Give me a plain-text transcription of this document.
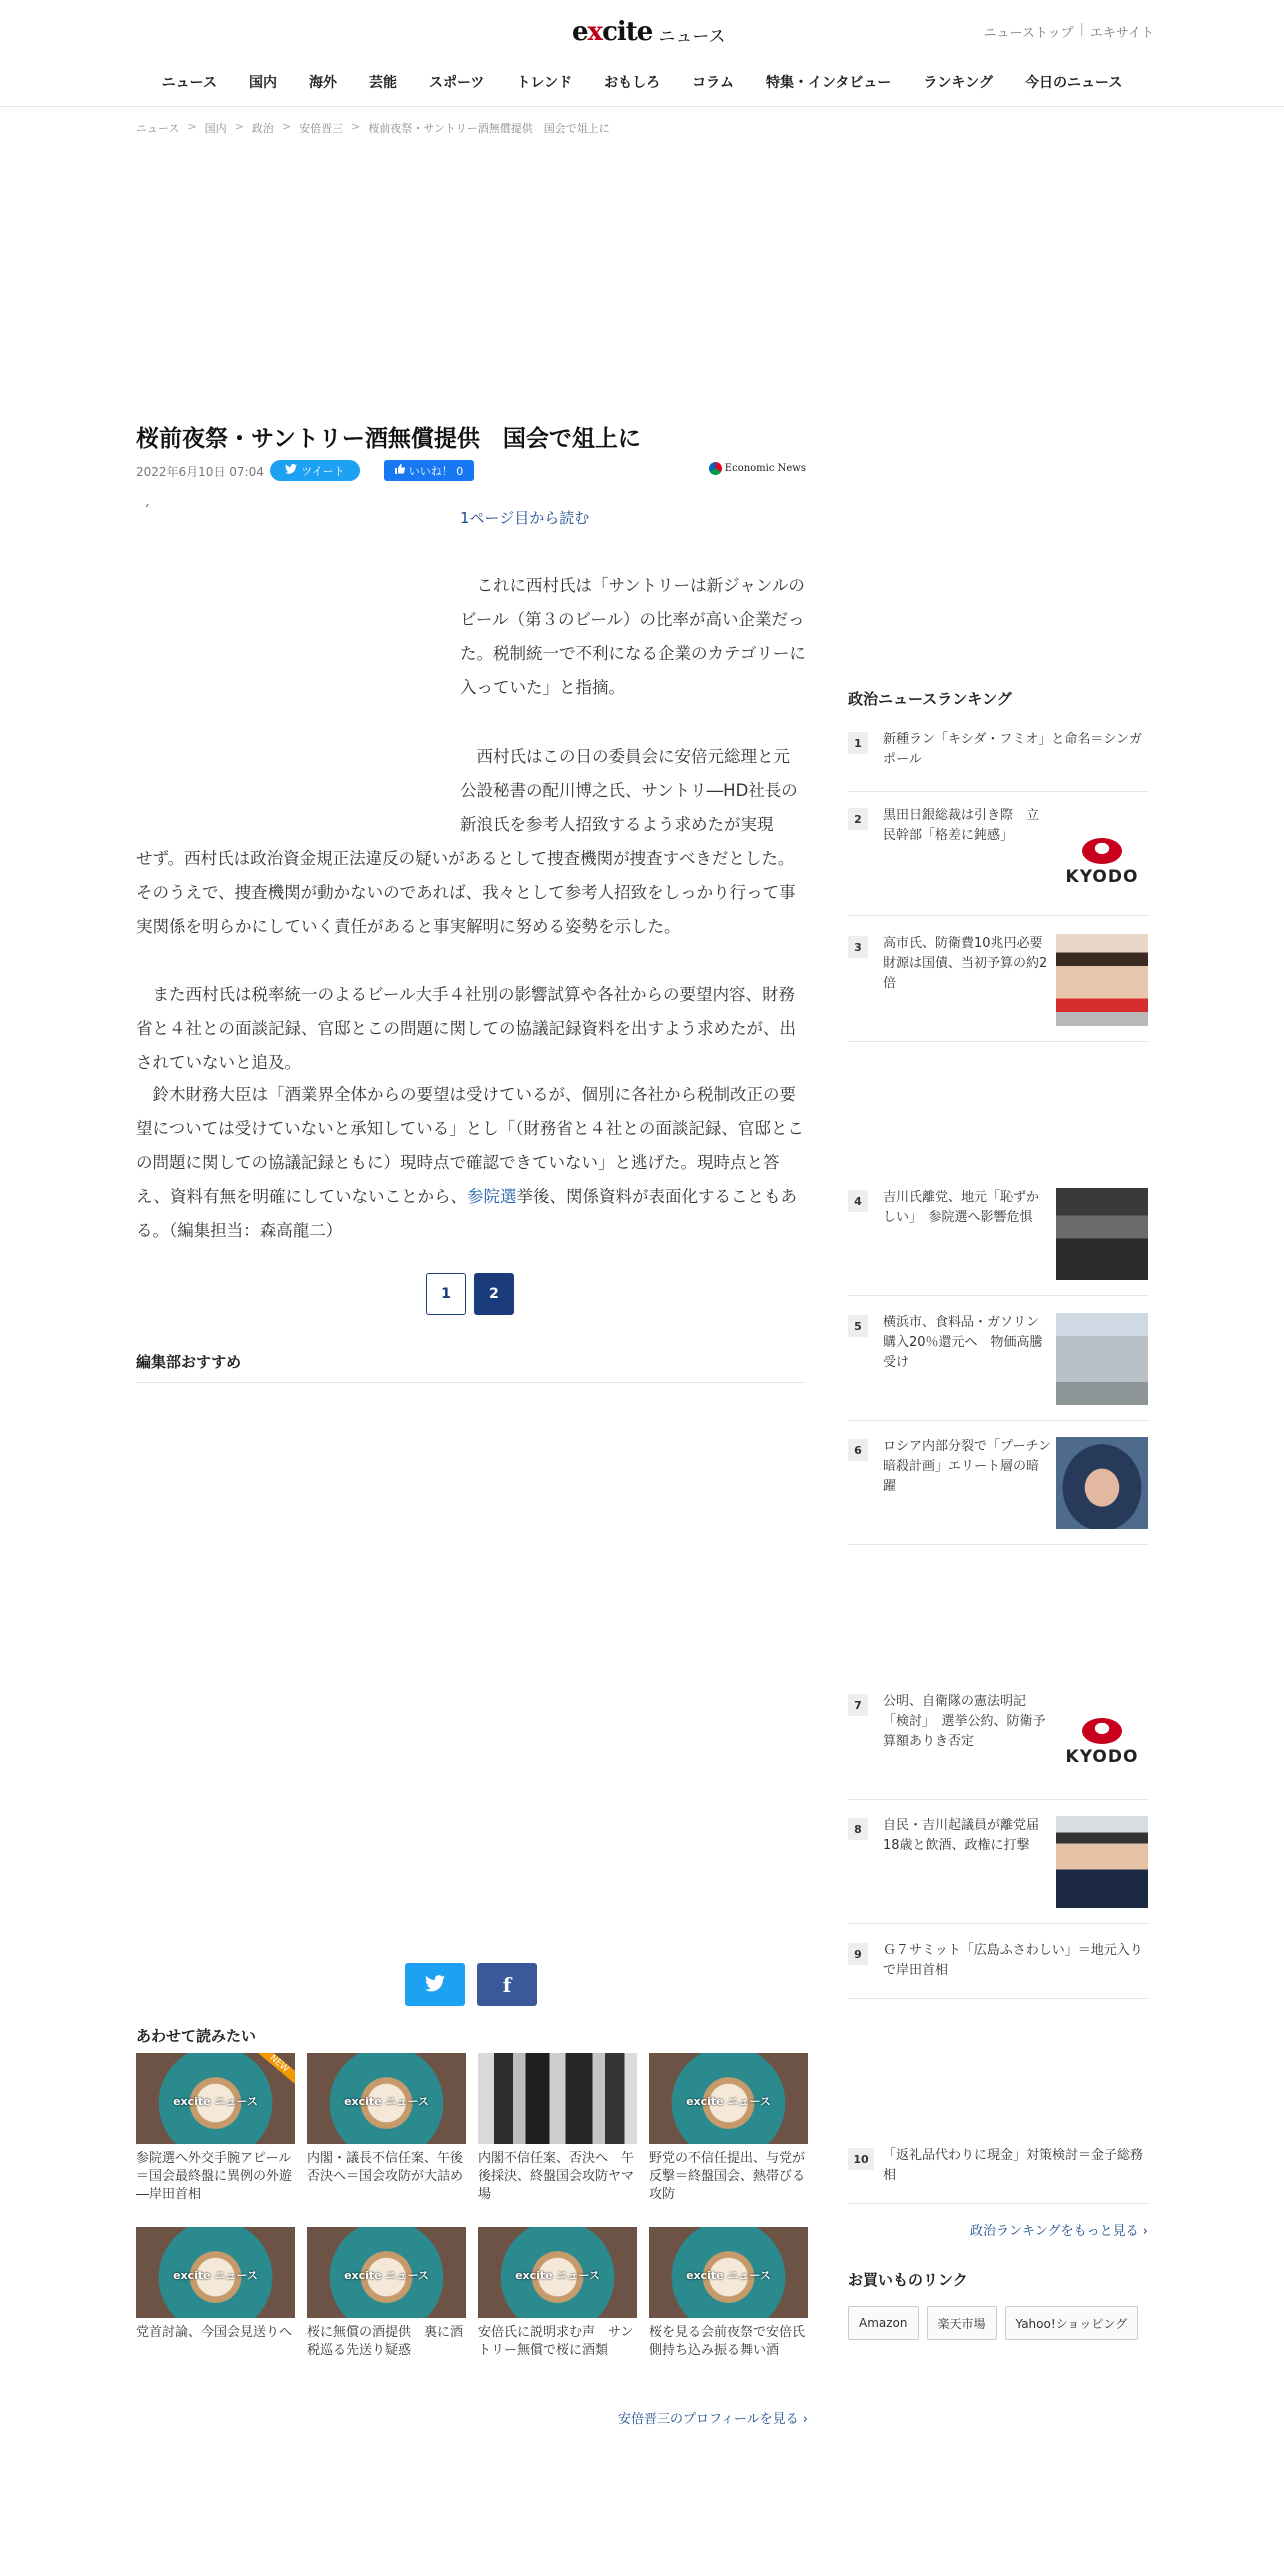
excite ニュース	ニューストップ | エキサイト
ニュース	国内	海外	芸能	スポーツ	トレンド	おもしろ	コラム	特集・インタビュー	ランキング	今日のニュース
ニュース > 国内 > 政治 > 安倍晋三 > 桜前夜祭・サントリー酒無償提供　国会で俎上に
桜前夜祭・サントリー酒無償提供　国会で俎上に
2022年6月10日 07:04	ツイート	いいね！ 0	Economic News
´	1ページ目から読む

　これに西村氏は「サントリーは新ジャンルのビール（第３のビール）の比率が高い企業だった。税制統一で不利になる企業のカテゴリーに入っていた」と指摘。

　西村氏はこの日の委員会に安倍元総理と元公設秘書の配川博之氏、サントリ―HD社長の新浪氏を参考人招致するよう求めたが実現

せず。西村氏は政治資金規正法違反の疑いがあるとして捜査機関が捜査すべきだとした。そのうえで、捜査機関が動かないのであれば、我々として参考人招致をしっかり行って事実関係を明らかにしていく責任があると事実解明に努める姿勢を示した。

　また西村氏は税率統一のよるビール大手４社別の影響試算や各社からの要望内容、財務省と４社との面談記録、官邸とこの問題に関しての協議記録資料を出すよう求めたが、出されていないと追及。

　鈴木財務大臣は「酒業界全体からの要望は受けているが、個別に各社から税制改正の要望については受けていないと承知している」とし「（財務省と４社との面談記録、官邸とこの問題に関しての協議記録ともに）現時点で確認できていない」と逃げた。現時点と答え、資料有無を明確にしていないことから、参院選挙後、関係資料が表面化することもある。（編集担当：森高龍二）

1	2
編集部おすすめ
f
あわせて読みたい
excite ニュース
NEW
参院選へ外交手腕アピール＝国会最終盤に異例の外遊―岸田首相
excite ニュース
内閣・議長不信任案、午後否決へ＝国会攻防が大詰め
内閣不信任案、否決へ　午後採決、終盤国会攻防ヤマ場
excite ニュース
野党の不信任提出、与党が反撃＝終盤国会、熱帯びる攻防
excite ニュース
党首討論、今国会見送りへ
excite ニュース
桜に無償の酒提供　裏に酒税巡る先送り疑惑
excite ニュース
安倍氏に説明求む声　サントリー無償で桜に酒類
excite ニュース
桜を見る会前夜祭で安倍氏側持ち込み振る舞い酒
安倍晋三のプロフィールを見る ›
政治ニュースランキング
1	新種ラン「キシダ・フミオ」と命名＝シンガポール
2	黒田日銀総裁は引き際　立民幹部「格差に鈍感」
KYODO
3	高市氏、防衛費10兆円必要　財源は国債、当初予算の約2倍
4	吉川氏離党、地元「恥ずかしい」　参院選へ影響危惧
5	横浜市、食料品・ガソリン購入20％還元へ　物価高騰受け
6	ロシア内部分裂で「プーチン暗殺計画」エリート層の暗躍
7	公明、自衛隊の憲法明記「検討」　選挙公約、防衛予算額ありき否定
KYODO
8	自民・吉川起議員が離党届　18歳と飲酒、政権に打撃
9	Ｇ７サミット「広島ふさわしい」＝地元入りで岸田首相
10	「返礼品代わりに現金」対策検討＝金子総務相
政治ランキングをもっと見る ›
お買いものリンク
Amazon	楽天市場	Yahoo!ショッピング
